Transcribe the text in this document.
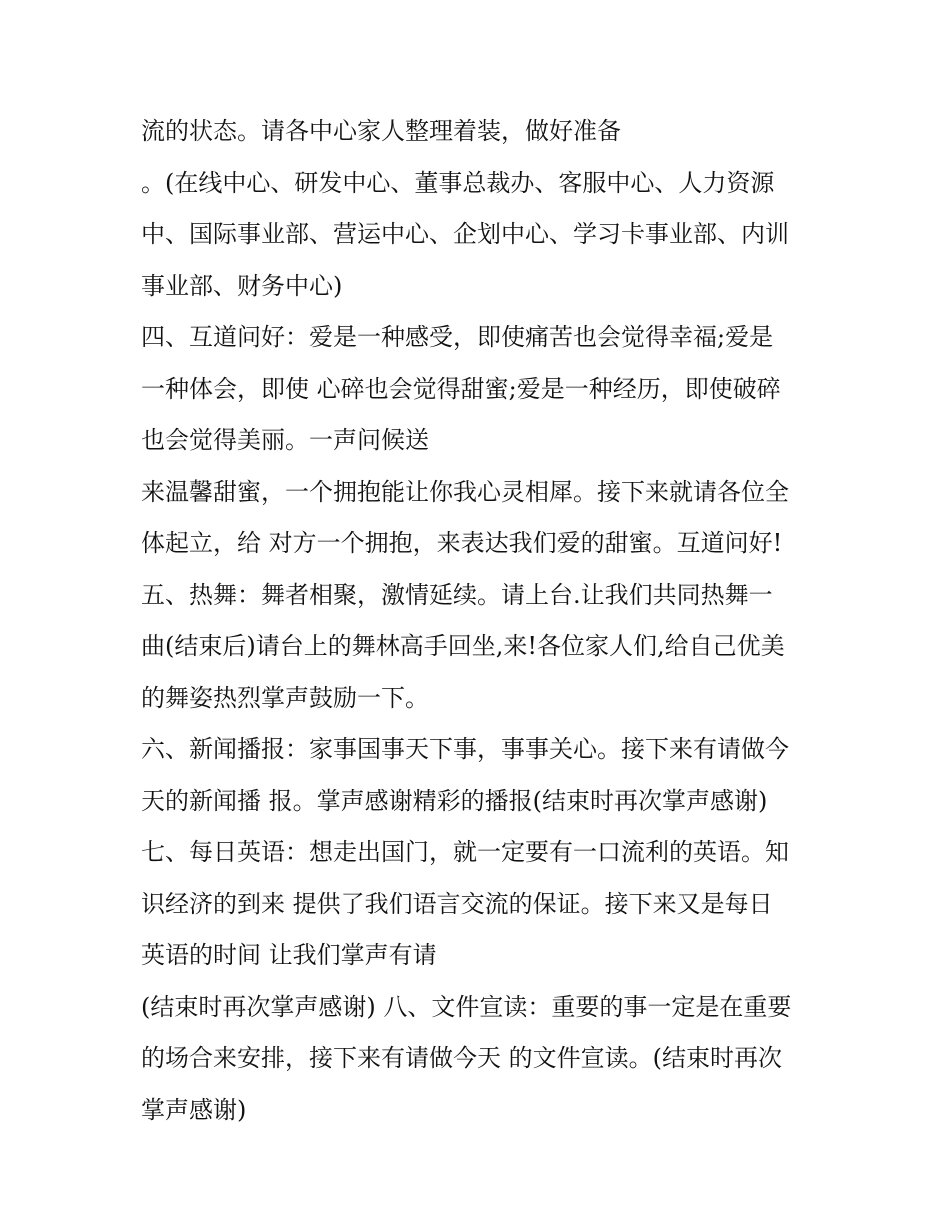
流的状态。请各中心家人整理着装，做好准备

。(在线中心、研发中心、董事总裁办、客服中心、人力资源

中、国际事业部、营运中心、企划中心、学习卡事业部、内训

事业部、财务中心)

四、互道问好：爱是一种感受，即使痛苦也会觉得幸福;爱是

一种体会，即使 心碎也会觉得甜蜜;爱是一种经历，即使破碎

也会觉得美丽。一声问候送

来温馨甜蜜，一个拥抱能让你我心灵相犀。接下来就请各位全

体起立，给 对方一个拥抱，来表达我们爱的甜蜜。互道问好!

五、热舞：舞者相聚，激情延续。请上台.让我们共同热舞一

曲(结束后)请台上的舞林高手回坐,来!各位家人们,给自己优美

的舞姿热烈掌声鼓励一下。

六、新闻播报：家事国事天下事，事事关心。接下来有请做今

天的新闻播 报。掌声感谢精彩的播报(结束时再次掌声感谢)

七、每日英语：想走出国门，就一定要有一口流利的英语。知

识经济的到来 提供了我们语言交流的保证。接下来又是每日

英语的时间 让我们掌声有请

(结束时再次掌声感谢) 八、文件宣读：重要的事一定是在重要

的场合来安排，接下来有请做今天 的文件宣读。(结束时再次

掌声感谢)
